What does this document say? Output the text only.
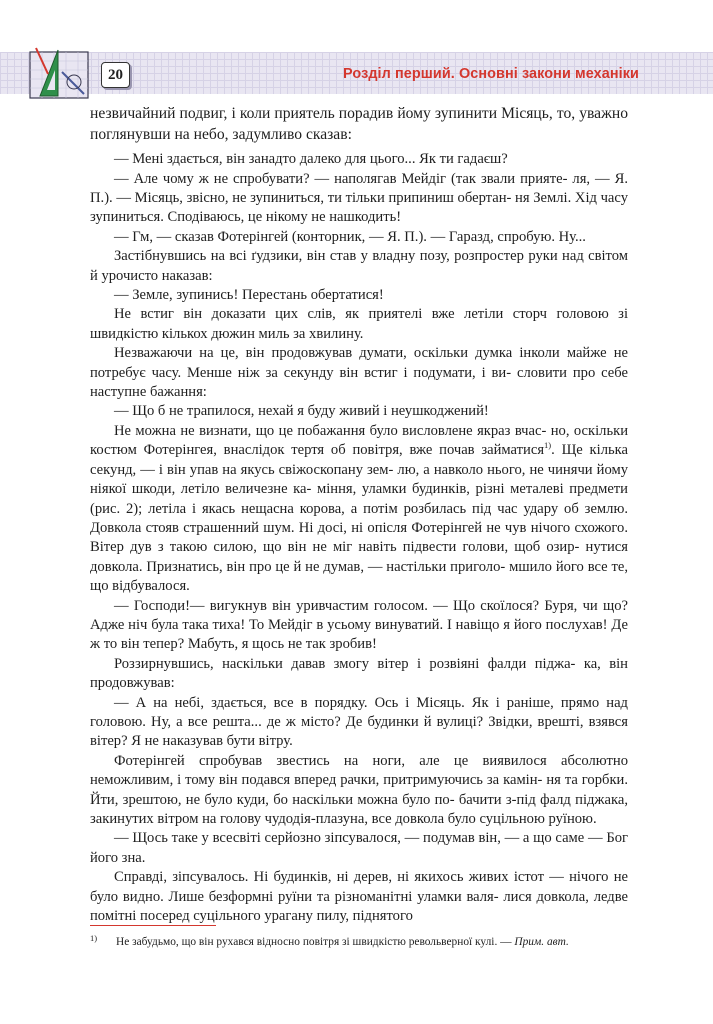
20	Розділ перший. Основні закони механіки

незвичайний подвиг, і коли приятель порадив йому зупинити Місяць, то, уважно поглянувши на небо, задумливо сказав:

— Мені здається, він занадто далеко для цього... Як ти гадаєш?

— Але чому ж не спробувати? — наполягав Мейдіг (так звали прияте- ля, — Я. П.). — Місяць, звісно, не зупиниться, ти тільки припиниш обертан- ня Землі. Хід часу зупиниться. Сподіваюсь, це нікому не нашкодить!

— Гм, — сказав Фотерінгей (конторник, — Я. П.). — Гаразд, спробую. Ну...

Застібнувшись на всі ґудзики, він став у владну позу, розпростер руки над світом й урочисто наказав:

— Земле, зупинись! Перестань обертатися!

Не встиг він доказати цих слів, як приятелі вже летіли сторч головою зі швидкістю кількох дюжин миль за хвилину.

Незважаючи на це, він продовжував думати, оскільки думка інколи майже не потребує часу. Менше ніж за секунду він встиг і подумати, і ви- словити про себе наступне бажання:

— Що б не трапилося, нехай я буду живий і неушкоджений!

Не можна не визнати, що це побажання було висловлене якраз вчас- но, оскільки костюм Фотерінгея, внаслідок тертя об повітря, вже почав займатися$^{1)}$. Ще кілька секунд, — і він упав на якусь свіжоскопану зем- лю, а навколо нього, не чинячи йому ніякої шкоди, летіло величезне ка- міння, уламки будинків, різні металеві предмети (рис. 2); летіла і якась нещасна корова, а потім розбилась під час удару об землю. Довкола стояв страшенний шум. Ні досі, ні опісля Фотерінгей не чув нічого схожого. Вітер дув з такою силою, що він не міг навіть підвести голови, щоб озир- нутися довкола. Признатись, він про це й не думав, — настільки приголо- мшило його все те, що відбувалося.

— Господи!— вигукнув він уривчастим голосом. — Що скоїлося? Буря, чи що? Адже ніч була така тиха! То Мейдіг в усьому винуватий. І навіщо я його послухав! Де ж то він тепер? Мабуть, я щось не так зробив!

Роззирнувшись, наскільки давав змогу вітер і розвіяні фалди піджа- ка, він продовжував:

— А на небі, здається, все в порядку. Ось і Місяць. Як і раніше, прямо над головою. Ну, а все решта... де ж місто? Де будинки й вулиці? Звідки, врешті, взявся вітер? Я не наказував бути вітру.

Фотерінгей спробував звестись на ноги, але це виявилося абсолютно неможливим, і тому він подався вперед рачки, притримуючись за камін- ня та горбки. Йти, зрештою, не було куди, бо наскільки можна було по- бачити з-під фалд піджака, закинутих вітром на голову чудодія-плазуна, все довкола було суцільною руїною.

— Щось таке у всесвіті серйозно зіпсувалося, — подумав він, — а що саме — Бог його зна.

Справді, зіпсувалось. Ні будинків, ні дерев, ні якихось живих істот — нічого не було видно. Лише безформні руїни та різноманітні уламки валя- лися довкола, ледве помітні посеред суцільного урагану пилу, піднятого

1) Не забудьмо, що він рухався відносно повітря зі швидкістю револьверної кулі. — Прим. авт.
